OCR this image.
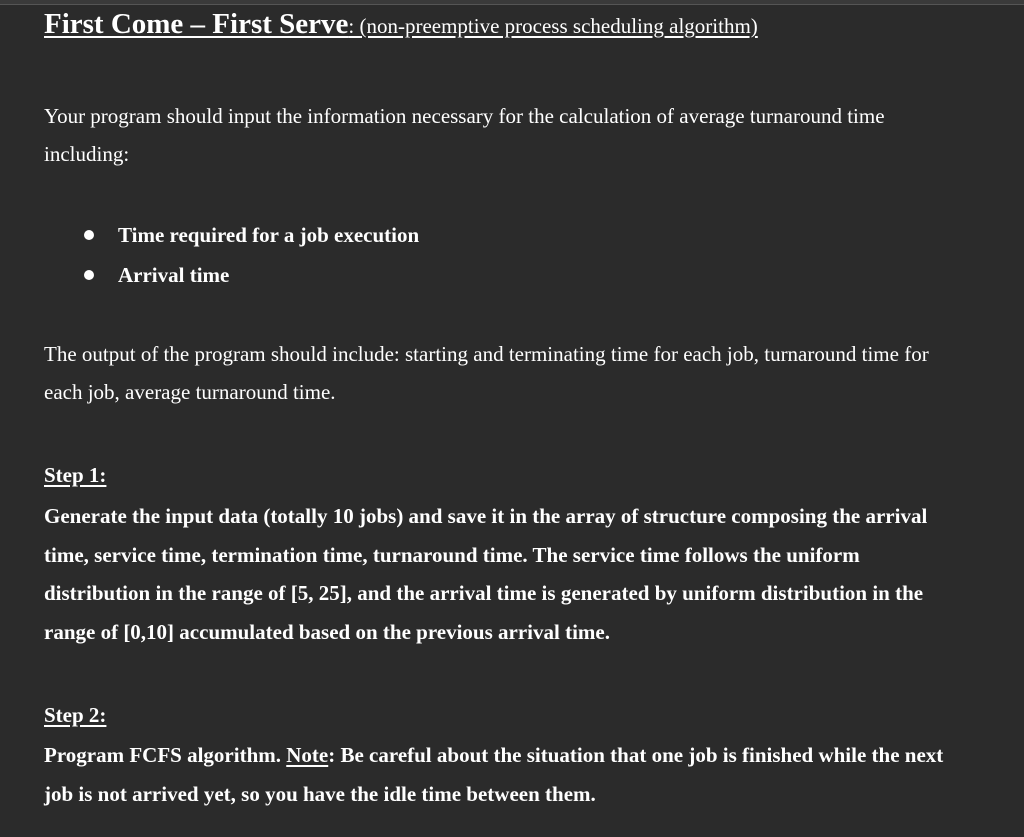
First Come – First Serve: (non-preemptive process scheduling algorithm)
Your program should input the information necessary for the calculation of average turnaround time including:
Time required for a job execution
Arrival time
The output of the program should include: starting and terminating time for each job, turnaround time for each job, average turnaround time.
Step 1:
Generate the input data (totally 10 jobs) and save it in the array of structure composing the arrival time, service time, termination time, turnaround time. The service time follows the uniform distribution in the range of [5, 25], and the arrival time is generated by uniform distribution in the range of [0,10] accumulated based on the previous arrival time.
Step 2:
Program FCFS algorithm. Note: Be careful about the situation that one job is finished while the next job is not arrived yet, so you have the idle time between them.
